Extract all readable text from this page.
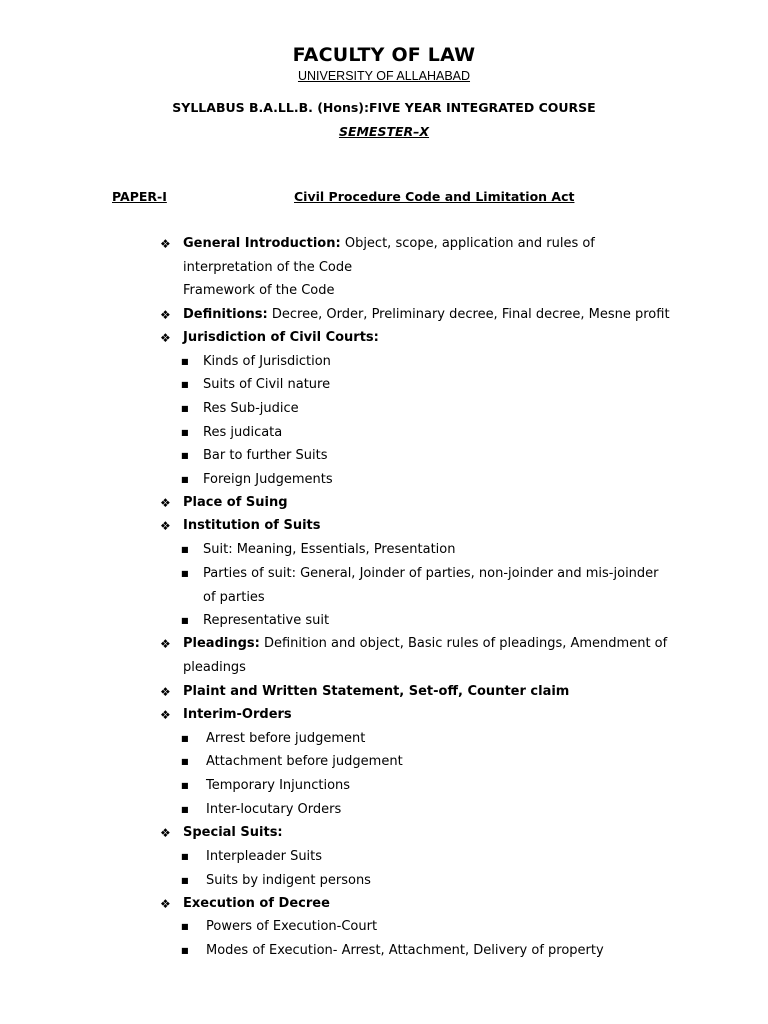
FACULTY OF LAW
UNIVERSITY OF ALLAHABAD
SYLLABUS B.A.LL.B. (Hons):FIVE YEAR INTEGRATED COURSE
SEMESTER–X
PAPER-I	Civil Procedure Code and Limitation Act
❖ General Introduction: Object, scope, application and rules of
interpretation of the Code
Framework of the Code
❖ Definitions: Decree, Order, Preliminary decree, Final decree, Mesne profit
❖ Jurisdiction of Civil Courts:
■ Kinds of Jurisdiction
■ Suits of Civil nature
■ Res Sub-judice
■ Res judicata
■ Bar to further Suits
■ Foreign Judgements
❖ Place of Suing
❖ Institution of Suits
■ Suit: Meaning, Essentials, Presentation
■ Parties of suit: General, Joinder of parties, non-joinder and mis-joinder
of parties
■ Representative suit
❖ Pleadings: Definition and object, Basic rules of pleadings, Amendment of
pleadings
❖ Plaint and Written Statement, Set-off, Counter claim
❖ Interim-Orders
■ Arrest before judgement
■ Attachment before judgement
■ Temporary Injunctions
■ Inter-locutary Orders
❖ Special Suits:
■ Interpleader Suits
■ Suits by indigent persons
❖ Execution of Decree
■ Powers of Execution-Court
■ Modes of Execution- Arrest, Attachment, Delivery of property
